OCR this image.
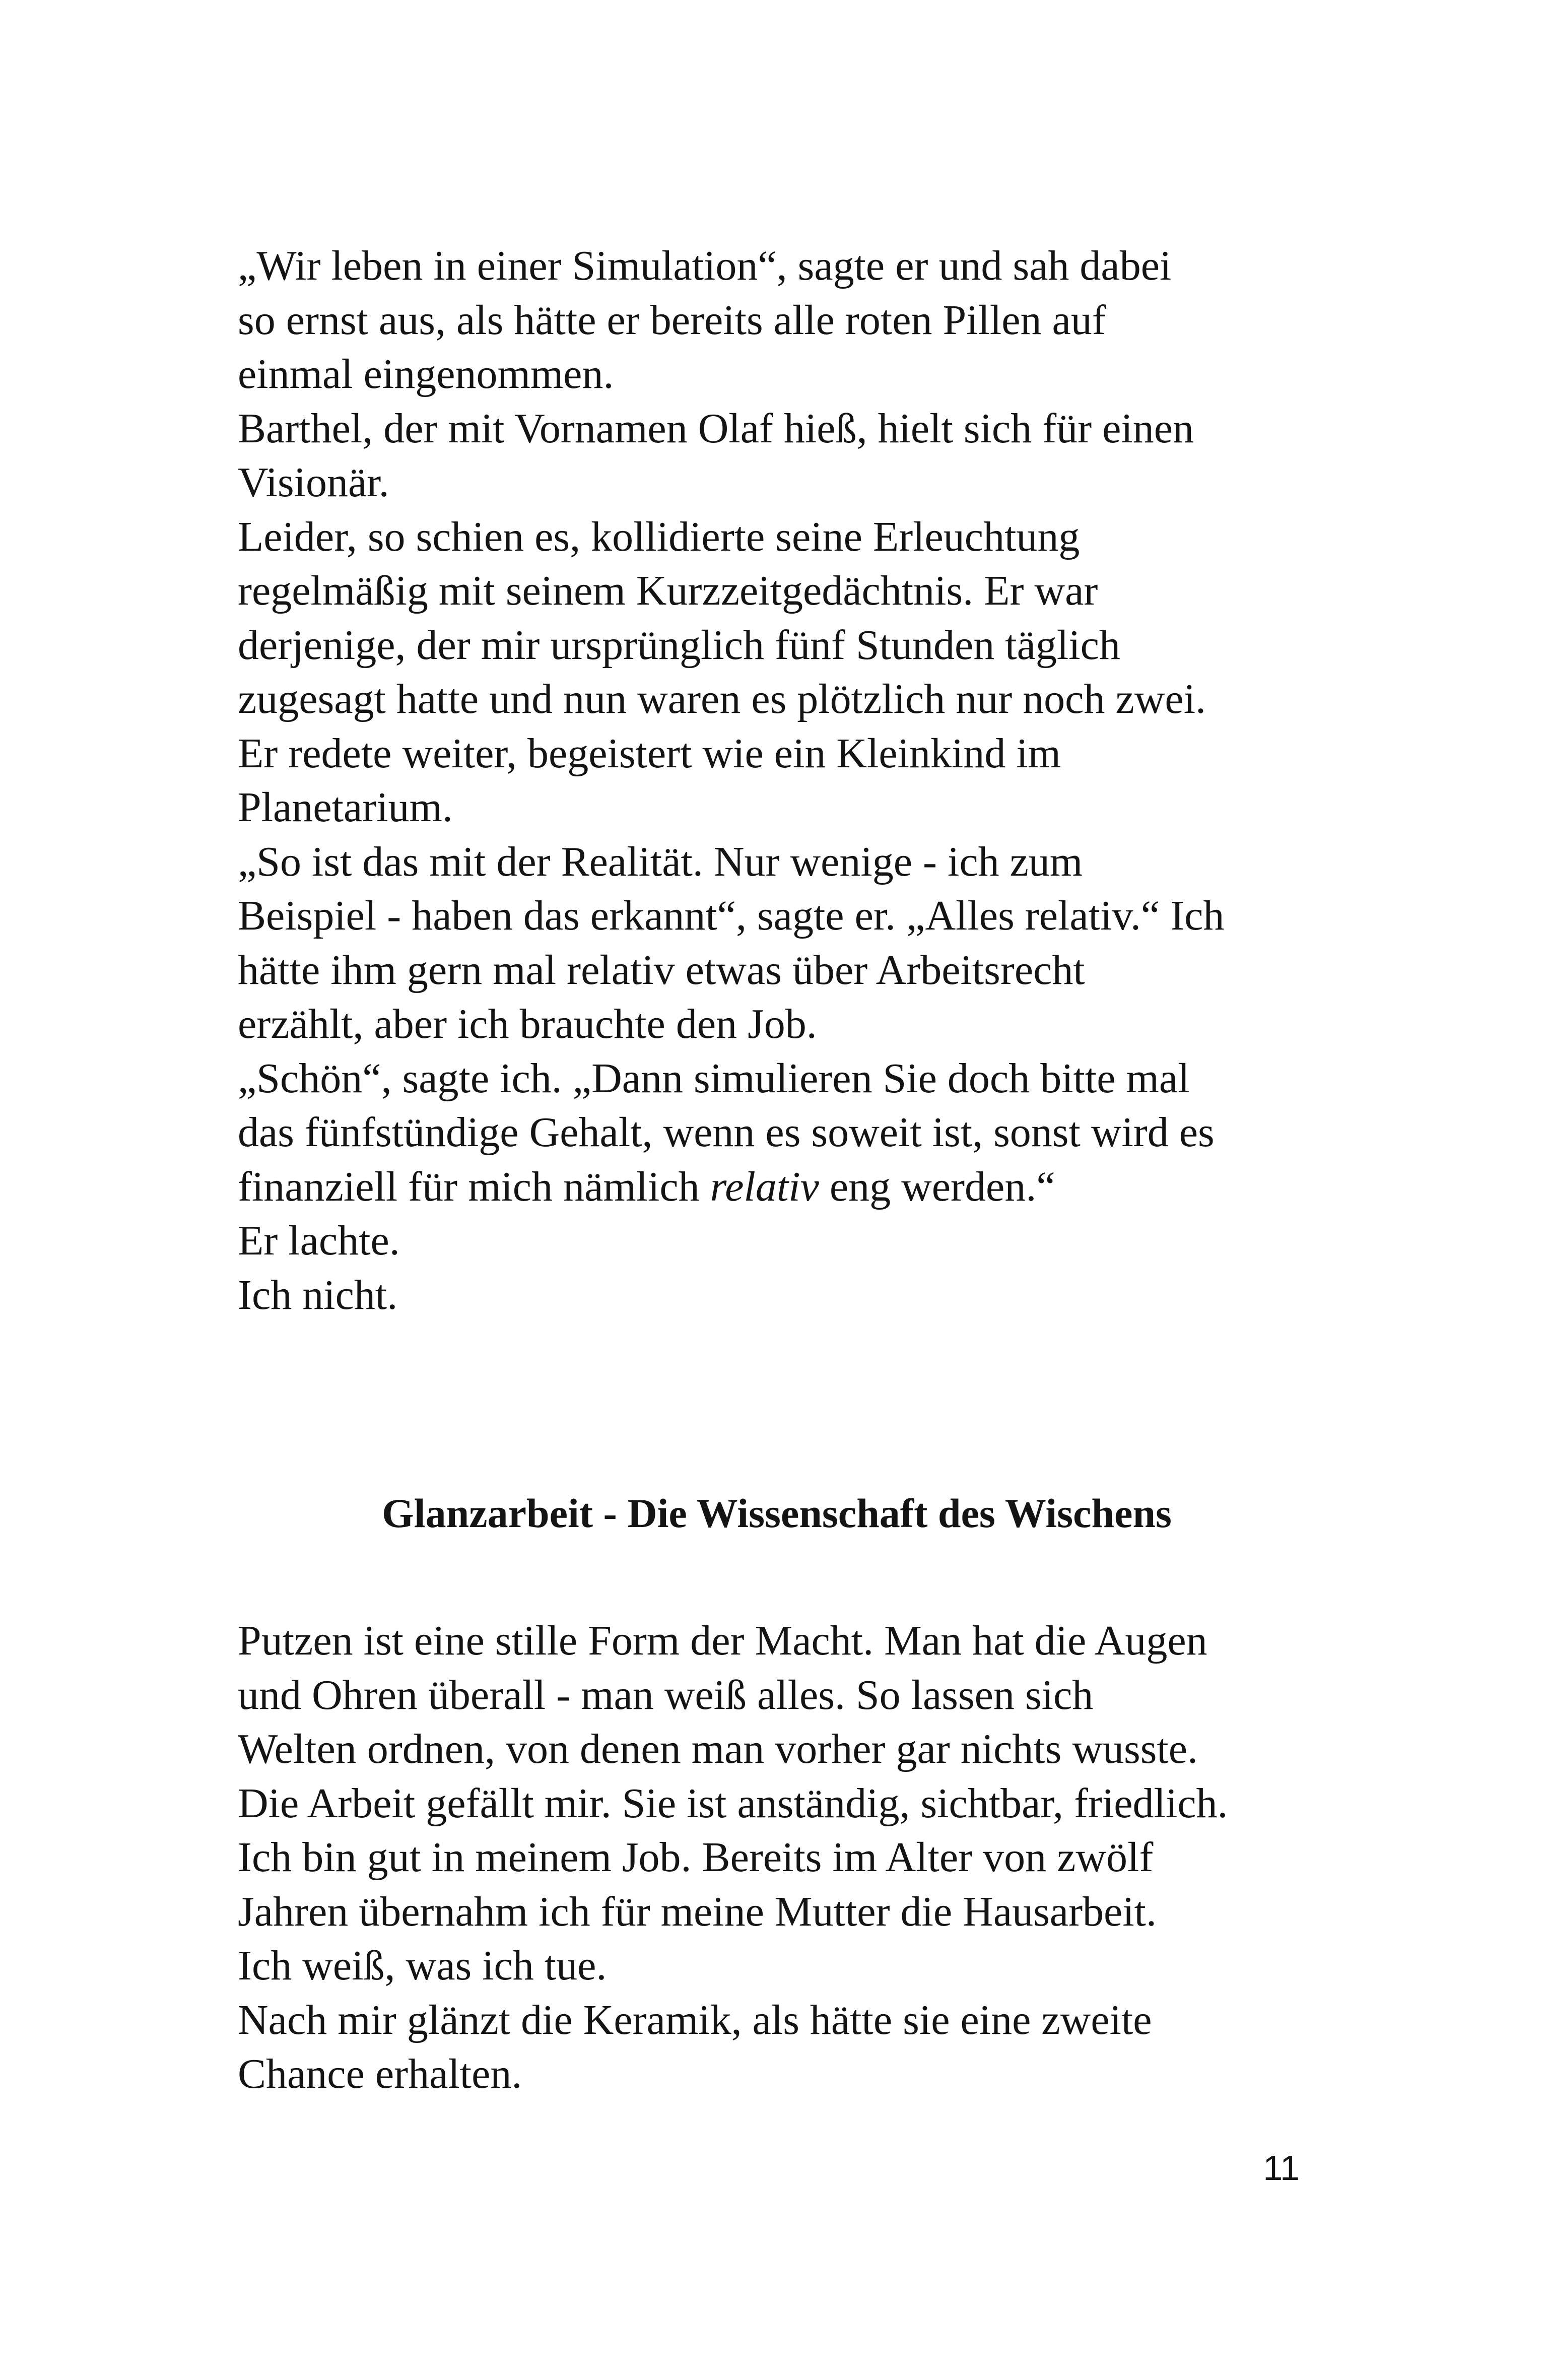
„Wir leben in einer Simulation“, sagte er und sah dabei
so ernst aus, als hätte er bereits alle roten Pillen auf
einmal eingenommen.
Barthel, der mit Vornamen Olaf hieß, hielt sich für einen
Visionär.
Leider, so schien es, kollidierte seine Erleuchtung
regelmäßig mit seinem Kurzzeitgedächtnis. Er war
derjenige, der mir ursprünglich fünf Stunden täglich
zugesagt hatte und nun waren es plötzlich nur noch zwei.
Er redete weiter, begeistert wie ein Kleinkind im
Planetarium.
„So ist das mit der Realität. Nur wenige - ich zum
Beispiel - haben das erkannt“, sagte er. „Alles relativ.“ Ich
hätte ihm gern mal relativ etwas über Arbeitsrecht
erzählt, aber ich brauchte den Job.
„Schön“, sagte ich. „Dann simulieren Sie doch bitte mal
das fünfstündige Gehalt, wenn es soweit ist, sonst wird es
finanziell für mich nämlich relativ eng werden.“
Er lachte.
Ich nicht.
Glanzarbeit - Die Wissenschaft des Wischens
Putzen ist eine stille Form der Macht. Man hat die Augen
und Ohren überall - man weiß alles. So lassen sich
Welten ordnen, von denen man vorher gar nichts wusste.
Die Arbeit gefällt mir. Sie ist anständig, sichtbar, friedlich.
Ich bin gut in meinem Job. Bereits im Alter von zwölf
Jahren übernahm ich für meine Mutter die Hausarbeit.
Ich weiß, was ich tue.
Nach mir glänzt die Keramik, als hätte sie eine zweite
Chance erhalten.
11
